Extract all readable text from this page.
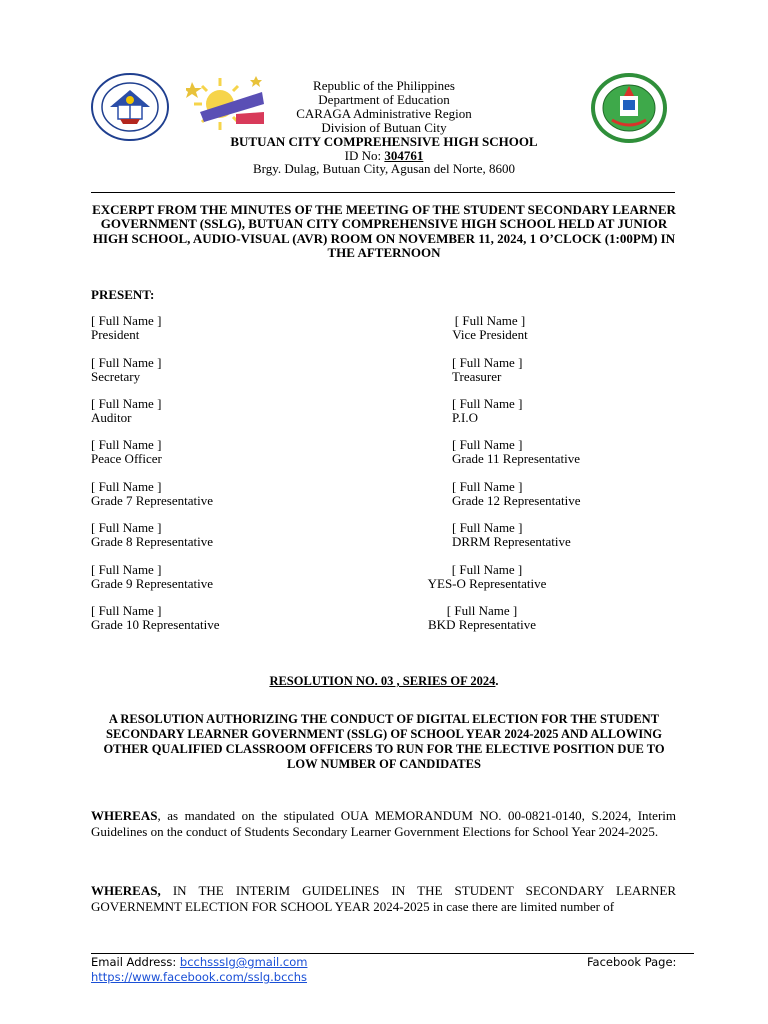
Republic of the Philippines
Department of Education
CARAGA Administrative Region
Division of Butuan City
BUTUAN CITY COMPREHENSIVE HIGH SCHOOL
ID No: 304761
Brgy. Dulag, Butuan City, Agusan del Norte, 8600
EXCERPT FROM THE MINUTES OF THE MEETING OF THE STUDENT SECONDARY LEARNER GOVERNMENT (SSLG), BUTUAN CITY COMPREHENSIVE HIGH SCHOOL HELD AT JUNIOR HIGH SCHOOL, AUDIO-VISUAL (AVR) ROOM ON NOVEMBER 11, 2024, 1 O’CLOCK (1:00PM) IN THE AFTERNOON
PRESENT:
[ Full Name ]
President
[ Full Name ]
Secretary
[ Full Name ]
Auditor
[ Full Name ]
Peace Officer
[ Full Name ]
Grade 7 Representative
[ Full Name ]
Grade 8 Representative
[ Full Name ]
Grade 9 Representative
[ Full Name ]
Grade 10 Representative
[ Full Name ]
Vice President
[ Full Name ]
Treasurer
[ Full Name ]
P.I.O
[ Full Name ]
Grade 11 Representative
[ Full Name ]
Grade 12 Representative
[ Full Name ]
DRRM Representative
[ Full Name ]
YES-O Representative
[ Full Name ]
BKD Representative
RESOLUTION NO. 03 , SERIES OF 2024.
A RESOLUTION AUTHORIZING THE CONDUCT OF DIGITAL ELECTION FOR THE STUDENT SECONDARY LEARNER GOVERNMENT (SSLG) OF SCHOOL YEAR 2024-2025 AND ALLOWING OTHER QUALIFIED CLASSROOM OFFICERS TO RUN FOR THE ELECTIVE POSITION DUE TO LOW NUMBER OF CANDIDATES
WHEREAS, as mandated on the stipulated OUA MEMORANDUM NO. 00-0821-0140, S.2024, Interim Guidelines on the conduct of Students Secondary Learner Government Elections for School Year 2024-2025.
WHEREAS, IN THE INTERIM GUIDELINES IN THE STUDENT SECONDARY LEARNER GOVERNEMNT ELECTION FOR SCHOOL YEAR 2024-2025 in case there are limited number of
Email Address: bcchsssIg@gmail.com	Facebook Page:
https://www.facebook.com/sslg.bcchs
